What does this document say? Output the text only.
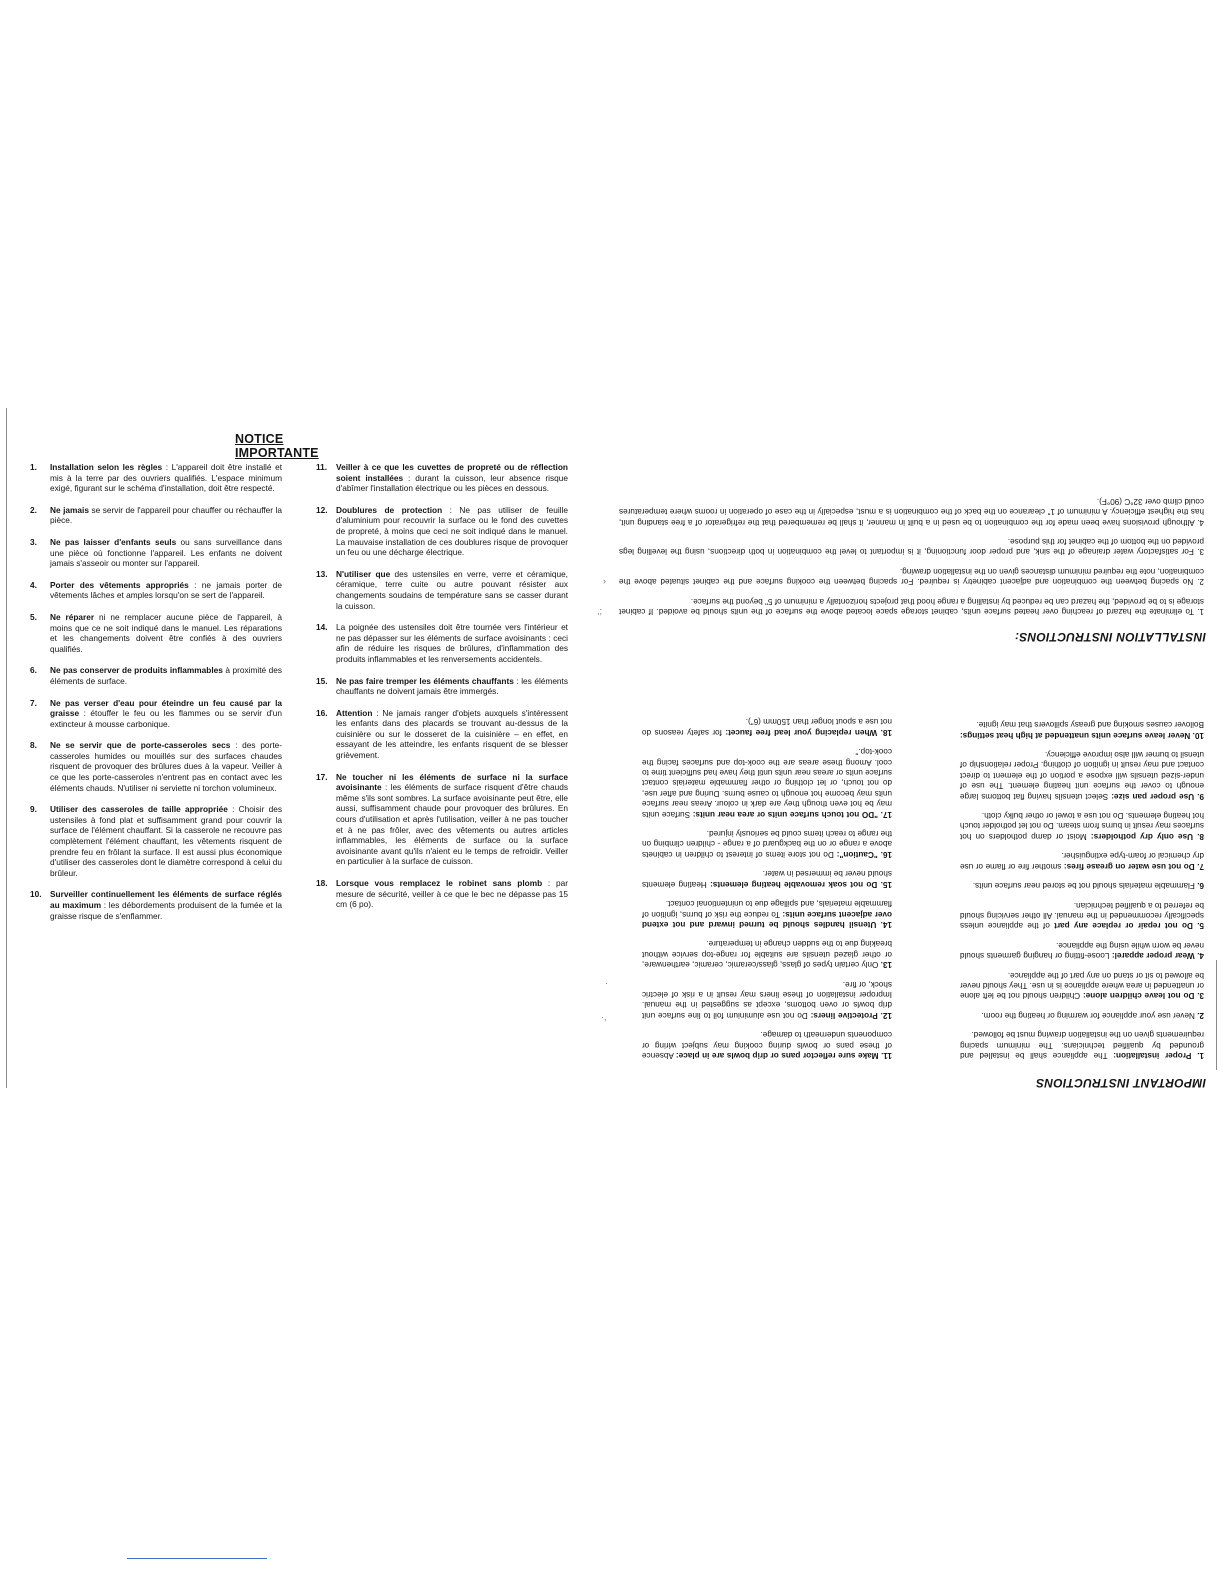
NOTICE IMPORTANTE
1.	Installation selon les règles : L'appareil doit être installé et mis à la terre par des ouvriers qualifiés. L'espace minimum exigé, figurant sur le schéma d'installation, doit être respecté.
2.	Ne jamais se servir de l'appareil pour chauffer ou réchauffer la pièce.
3.	Ne pas laisser d'enfants seuls ou sans surveillance dans une pièce où fonctionne l'appareil. Les enfants ne doivent jamais s'asseoir ou monter sur l'appareil.
4.	Porter des vêtements appropriés : ne jamais porter de vêtements lâches et amples lorsqu'on se sert de l'appareil.
5.	Ne réparer ni ne remplacer aucune pièce de l'appareil, à moins que ce ne soit indiqué dans le manuel. Les réparations et les changements doivent être confiés à des ouvriers qualifiés.
6.	Ne pas conserver de produits inflammables à proximité des éléments de surface.
7.	Ne pas verser d'eau pour éteindre un feu causé par la graisse : étouffer le feu ou les flammes ou se servir d'un extincteur à mousse carbonique.
8.	Ne se servir que de porte-casseroles secs : des porte-casseroles humides ou mouillés sur des surfaces chaudes risquent de provoquer des brûlures dues à la vapeur. Veiller à ce que les porte-casseroles n'entrent pas en contact avec les éléments chauds. N'utiliser ni serviette ni torchon volumineux.
9.	Utiliser des casseroles de taille appropriée : Choisir des ustensiles à fond plat et suffisamment grand pour couvrir la surface de l'élément chauffant. Si la casserole ne recouvre pas complètement l'élément chauffant, les vêtements risquent de prendre feu en frôlant la surface. Il est aussi plus économique d'utiliser des casseroles dont le diamètre correspond à celui du brûleur.
10.	Surveiller continuellement les éléments de surface réglés au maximum : les débordements produisent de la fumée et la graisse risque de s'enflammer.
11.	Veiller à ce que les cuvettes de propreté ou de réflection soient installées : durant la cuisson, leur absence risque d'abîmer l'installation électrique ou les pièces en dessous.
12.	Doublures de protection : Ne pas utiliser de feuille d'aluminium pour recouvrir la surface ou le fond des cuvettes de propreté, à moins que ceci ne soit indiqué dans le manuel. La mauvaise installation de ces doublures risque de provoquer un feu ou une décharge électrique.
13.	N'utiliser que des ustensiles en verre, verre et céramique, céramique, terre cuite ou autre pouvant résister aux changements soudains de température sans se casser durant la cuisson.
14.	La poignée des ustensiles doit être tournée vers l'intérieur et ne pas dépasser sur les éléments de surface avoisinants : ceci afin de réduire les risques de brûlures, d'inflammation des produits inflammables et les renversements accidentels.
15.	Ne pas faire tremper les éléments chauffants : les éléments chauffants ne doivent jamais être immergés.
16.	Attention : Ne jamais ranger d'objets auxquels s'intéressent les enfants dans des placards se trouvant au-dessus de la cuisinière ou sur le dosseret de la cuisinière – en effet, en essayant de les atteindre, les enfants risquent de se blesser grièvement.
17.	Ne toucher ni les éléments de surface ni la surface avoisinante : les éléments de surface risquent d'être chauds même s'ils sont sombres. La surface avoisinante peut être, elle aussi, suffisamment chaude pour provoquer des brûlures. En cours d'utilisation et après l'utilisation, veiller à ne pas toucher et à ne pas frôler, avec des vêtements ou autres articles inflammables, les éléments de surface ou la surface avoisinante avant qu'ils n'aient eu le temps de refroidir. Veiller en particulier à la surface de cuisson.
18.	Lorsque vous remplacez le robinet sans plomb : par mesure de sécurité, veiller à ce que le bec ne dépasse pas 15 cm (6 po).
IMPORTANT INSTRUCTIONS
1. Proper installation: The appliance shall be installed and grounded by qualified technicians. The minimum spacing requirements given on the installation drawing must be followed.
2. Never use your appliance for warming or heating the room.
3. Do not leave children alone: Children should not be left alone or unattended in area where appliance is in use. They should never be allowed to sit or stand on any part of the appliance.
4. Wear proper apparel: Loose-fitting or hanging garments should never be worn while using the appliance.
5. Do not repair or replace any part of the appliance unless specifically recommended in the manual. All other servicing should be referred to a qualified technician.
6. Flammable materials should not be stored near surface units.
7. Do not use water on grease fires: smother fire or flame or use dry chemical or foam-type extinguisher.
8. Use only dry potholders: Moist or damp potholders on hot surfaces may result in burns from steam. Do not let potholder touch hot heating elements. Do not use a towel or other bulky cloth.
9. Use proper pan size: Select utensils having flat bottoms large enough to cover the surface unit heating element. The use of under-sized utensils will expose a portion of the element to direct contact and may result in ignition of clothing. Proper relationship of utensil to burner will also improve efficiency.
10. Never leave surface units unattended at high heat settings: Boilover causes smoking and greasy spillovers that may ignite.
11. Make sure reflector pans or drip bowls are in place: Absence of these pans or bowls during cooking may subject wiring or components underneath to damage.
12. Protective liners: Do not use aluminium foil to line surface unit drip bowls or oven bottoms, except as suggested in the manual. Improper installation of these liners may result in a risk of electric shock, or fire.
13. Only certain types of glass, glass/ceramic, ceramic, earthenware, or other glazed utensils are suitable for range-top service without breaking due to the sudden change in temperature.
14. Utensil handles should be turned inward and not extend over adjacent surface units: To reduce the risk of burns, ignition of flammable materials, and spillage due to unintentional contact.
15. Do not soak removable heating elements: Heating elements should never be immersed in water.
16. "Caution": Do not store items of interest to children in cabinets above a range or on the backguard of a range - children climbing on the range to reach items could be seriously injured.
17. "DO not touch surface units or area near units: Surface units may be hot even though they are dark in colour. Areas near surface units may become hot enough to cause burns. During and after use, do not touch, or let clothing or other flammable materials contact surface units or areas near units until they have had sufficient time to cool. Among these areas are the cook-top and surfaces facing the cook-top."
18. When replacing your lead free faucet: for safety reasons do not use a spout longer than 150mm (6").
INSTALLATION INSTRUCTIONS:
1. To eliminate the hazard of reaching over heated surface units, cabinet storage space located above the surface of the units should be avoided. If cabinet storage is to be provided, the hazard can be reduced by installing a range hood that projects horizontally a minimum of 5" beyond the surface.
2. No spacing between the combination and adjacent cabinetry is required. For spacing between the cooking surface and the cabinet situated above the combination, note the required minimum distances given on the installation drawing.
3. For satisfactory water drainage of the sink, and proper door functioning, it is important to level the combination in both directions, using the levelling legs provided on the bottom of the cabinet for this purpose.
4. Although provisions have been made for the combination to be used in a built in manner, it shall be remembered that the refrigerator of a free standing unit, has the highest efficiency. A minimum of 1" clearance on the back of the combination is a must, especially in the case of operation in rooms where temperatures could climb over 32°C (90°F).
›
,;
·
·,
